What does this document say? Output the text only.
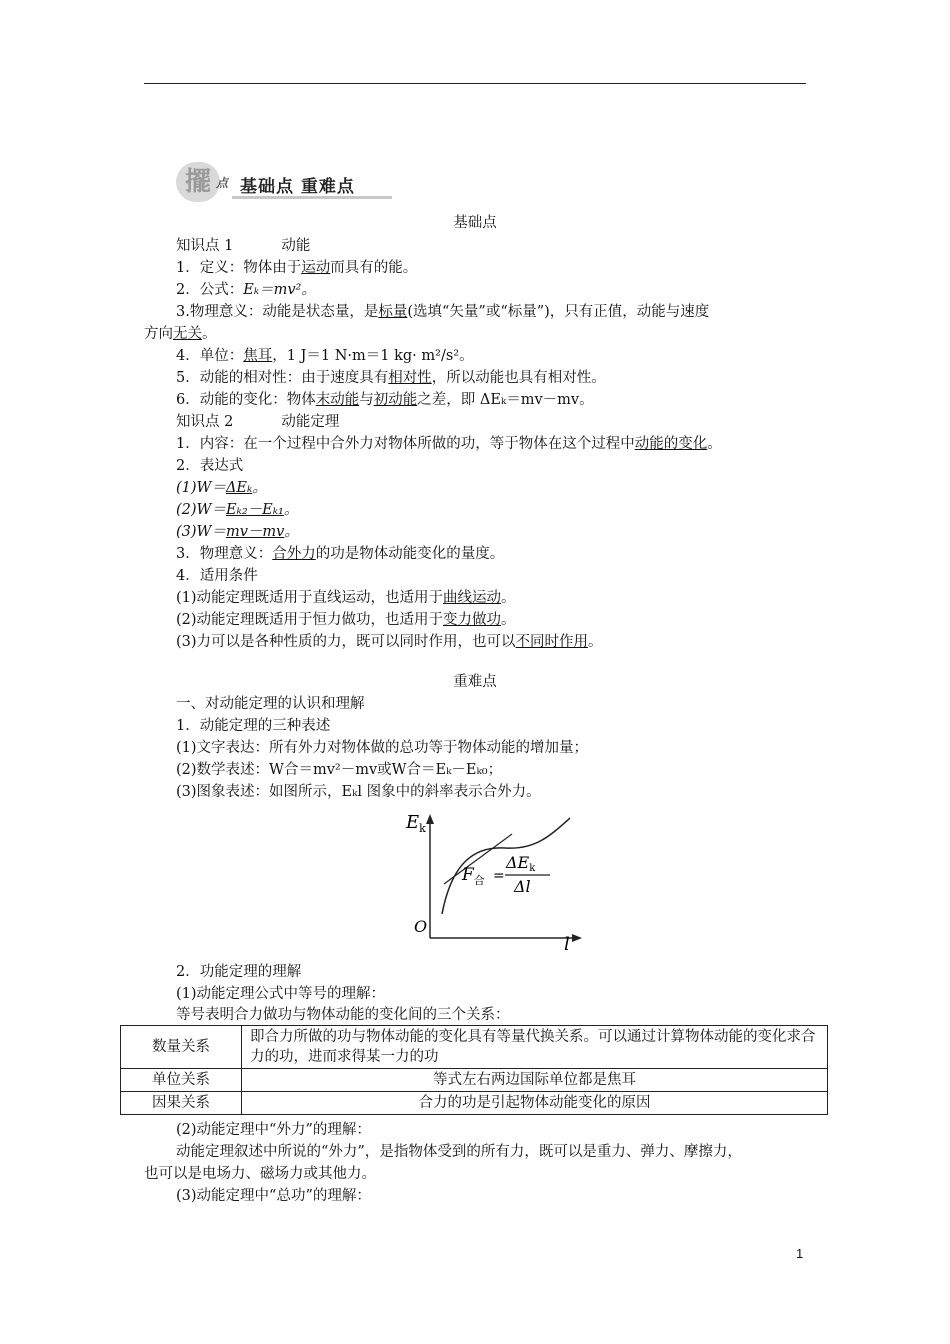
擺 点 基础点 重难点
基础点
知识点 1	动能
1．定义：物体由于运动而具有的能。
2．公式：Eₖ＝mv²。
3.物理意义：动能是状态量，是标量(选填“矢量”或“标量”)，只有正值，动能与速度
方向无关。
4．单位：焦耳，1 J＝1 N·m＝1 kg· m²/s²。
5．动能的相对性：由于速度具有相对性，所以动能也具有相对性。
6．动能的变化：物体末动能与初动能之差，即 ΔEₖ＝mv－mv。
知识点 2	动能定理
1．内容：在一个过程中合外力对物体所做的功，等于物体在这个过程中动能的变化。
2．表达式
(1)W＝ΔEₖ。
(2)W＝Eₖ₂－Eₖ₁。
(3)W＝mv－mv。
3．物理意义：合外力的功是物体动能变化的量度。
4．适用条件
(1)动能定理既适用于直线运动，也适用于曲线运动。
(2)动能定理既适用于恒力做功，也适用于变力做功。
(3)力可以是各种性质的力，既可以同时作用，也可以不同时作用。
重难点
一、对动能定理的认识和理解
1．动能定理的三种表述
(1)文字表达：所有外力对物体做的总功等于物体动能的增加量；
(2)数学表述：W合＝mv²－mv或W合＝Eₖ－Eₖ₀；
(3)图象表述：如图所示，Eₖl 图象中的斜率表示合外力。
$E_k$
l
O
$F_合$ =
ΔEk
Δl
2．功能定理的理解
(1)动能定理公式中等号的理解：
等号表明合力做功与物体动能的变化间的三个关系：
数量关系	即合力所做的功与物体动能的变化具有等量代换关系。可以通过计算物体动能的变化求合力的功，进而求得某一力的功
单位关系	等式左右两边国际单位都是焦耳
因果关系	合力的功是引起物体动能变化的原因
(2)动能定理中“外力”的理解：
动能定理叙述中所说的“外力”，是指物体受到的所有力，既可以是重力、弹力、摩擦力，
也可以是电场力、磁场力或其他力。
(3)动能定理中“总功”的理解：
1
